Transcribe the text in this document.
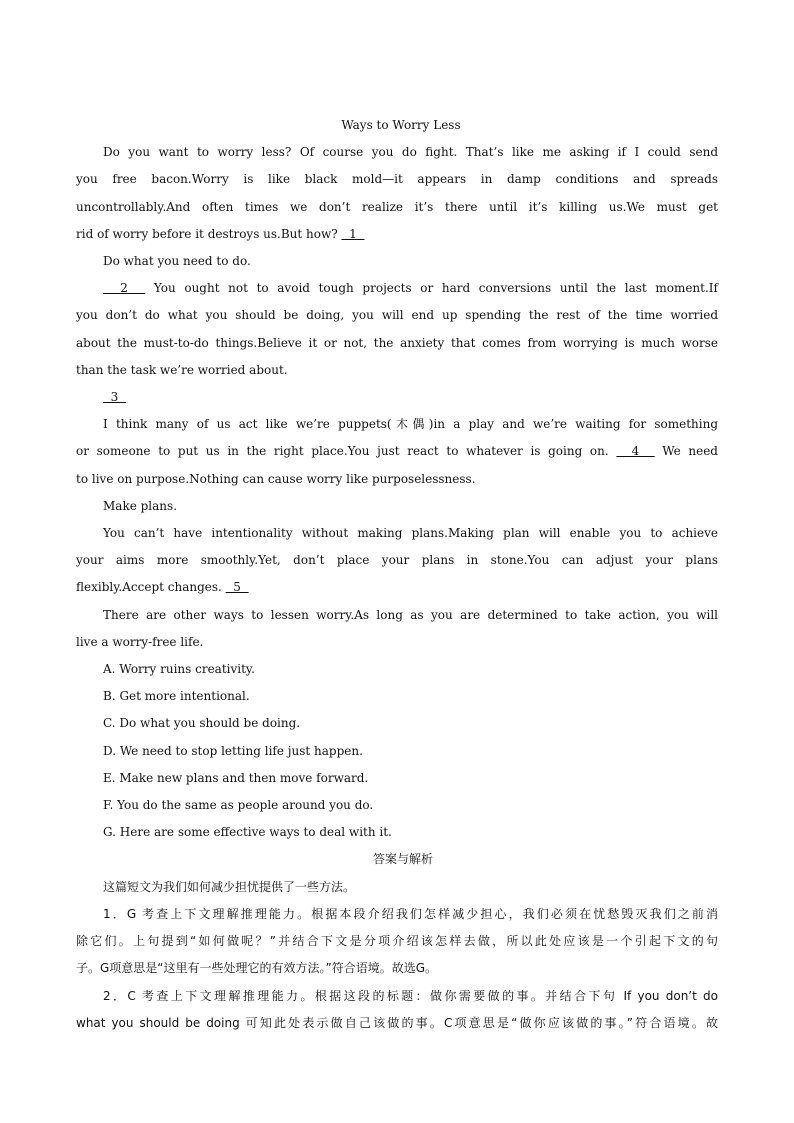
Ways to Worry Less

Do you want to worry less? Of course you do fight. That’s like me asking if I could send

you free bacon.Worry is like black mold—it appears in damp conditions and spreads

uncontrollably.And often times we don’t realize it’s there until it’s killing us.We must get

rid of worry before it destroys us.But how?   1

Do what you need to do.

2   You ought not to avoid tough projects or hard conversions until the last moment.If

you don’t do what you should be doing, you will end up spending the rest of the time worried

about the must-to-do things.Believe it or not, the anxiety that comes from worrying is much worse

than the task we’re worried about.

3

I think many of us act like we’re puppets(木偶)in a play and we’re waiting for something

or someone to put us in the right place.You just react to whatever is going on.   4   We need

to live on purpose.Nothing can cause worry like purposelessness.

Make plans.

You can’t have intentionality without making plans.Making plan will enable you to achieve

your aims more smoothly.Yet, don’t place your plans in stone.You can adjust your plans

flexibly.Accept changes.   5

There are other ways to lessen worry.As long as you are determined to take action, you will

live a worry-free life.

A. Worry ruins creativity.

B. Get more intentional.

C. Do what you should be doing.

D. We need to stop letting life just happen.

E. Make new plans and then move forward.

F. You do the same as people around you do.

G. Here are some effective ways to deal with it.

答案与解析

这篇短文为我们如何减少担忧提供了一些方法。

1．G 考查上下文理解推理能力。根据本段介绍我们怎样减少担心，我们必须在忧愁毁灭我们之前消

除它们。上句提到“如何做呢？”并结合下文是分项介绍该怎样去做，所以此处应该是一个引起下文的句

子。G项意思是“这里有一些处理它的有效方法。”符合语境。故选G。

2．C 考查上下文理解推理能力。根据这段的标题：做你需要做的事。并结合下句 If you don’t do

what you should be doing 可知此处表示做自己该做的事。C项意思是“做你应该做的事。”符合语境。故
